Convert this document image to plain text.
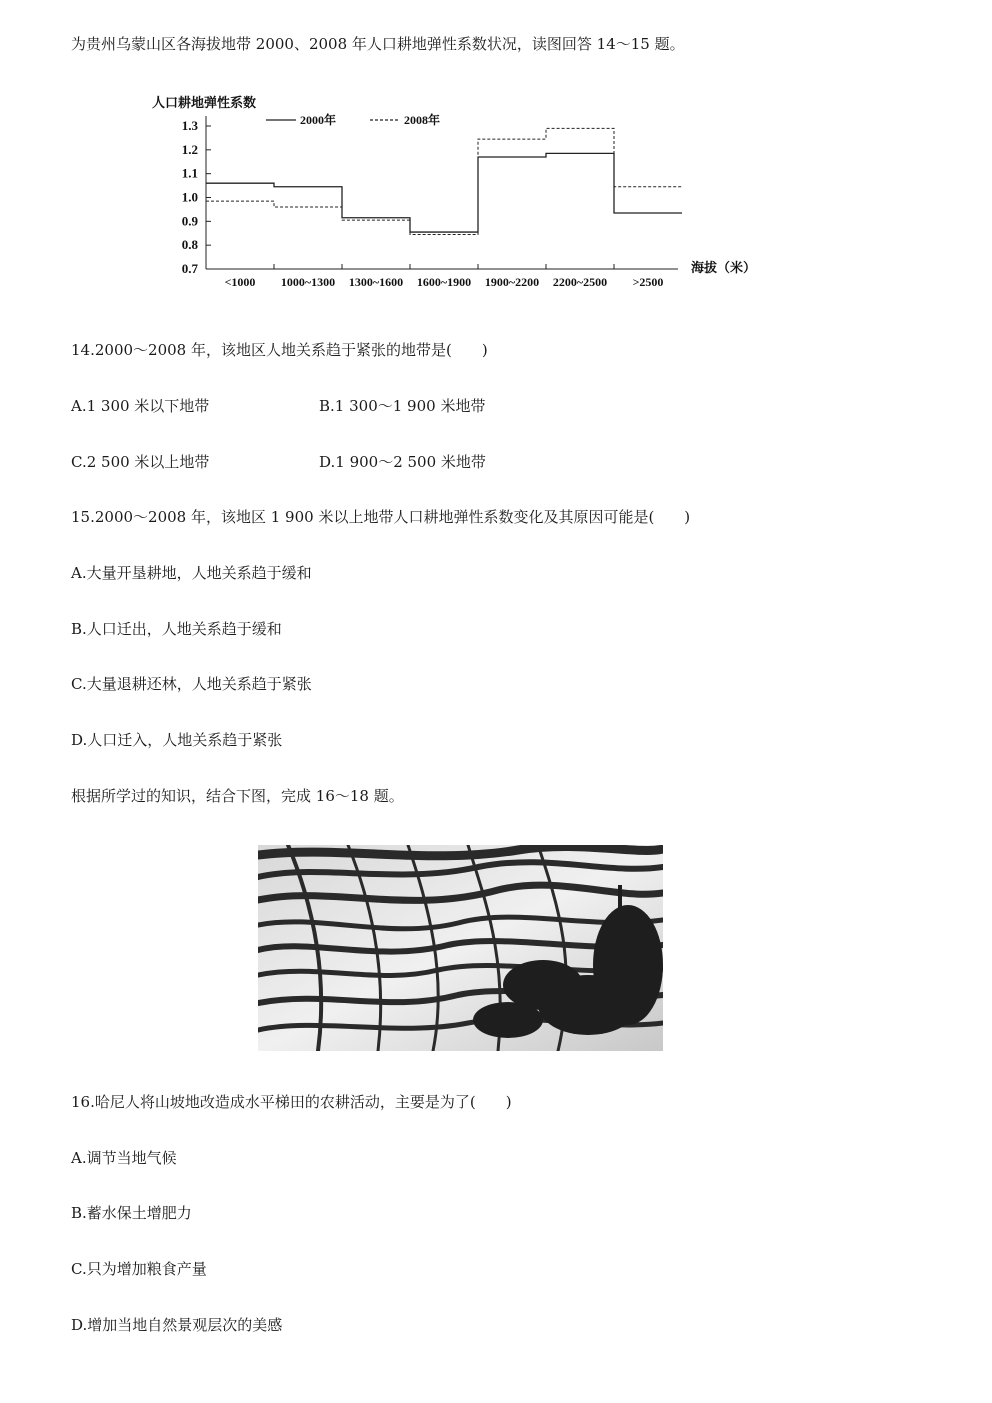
为贵州乌蒙山区各海拔地带 2000、2008 年人口耕地弹性系数状况，读图回答 14～15 题。
0.7
0.8
0.9
1.0
1.1
1.2
1.3
<1000 1000~1300 1300~1600 1600~1900 1900~2200 2200~2500 >2500
2000年	2008年
人口耕地弹性系数
海拔（米）
14.2000～2008 年，该地区人地关系趋于紧张的地带是(　　)
A.1 300 米以下地带	B.1 300～1 900 米地带
C.2 500 米以上地带	D.1 900～2 500 米地带
15.2000～2008 年，该地区 1 900 米以上地带人口耕地弹性系数变化及其原因可能是(　　)
A.大量开垦耕地，人地关系趋于缓和
B.人口迁出，人地关系趋于缓和
C.大量退耕还林，人地关系趋于紧张
D.人口迁入，人地关系趋于紧张
根据所学过的知识，结合下图，完成 16～18 题。
16.哈尼人将山坡地改造成水平梯田的农耕活动，主要是为了(　　)
A.调节当地气候
B.蓄水保土增肥力
C.只为增加粮食产量
D.增加当地自然景观层次的美感
